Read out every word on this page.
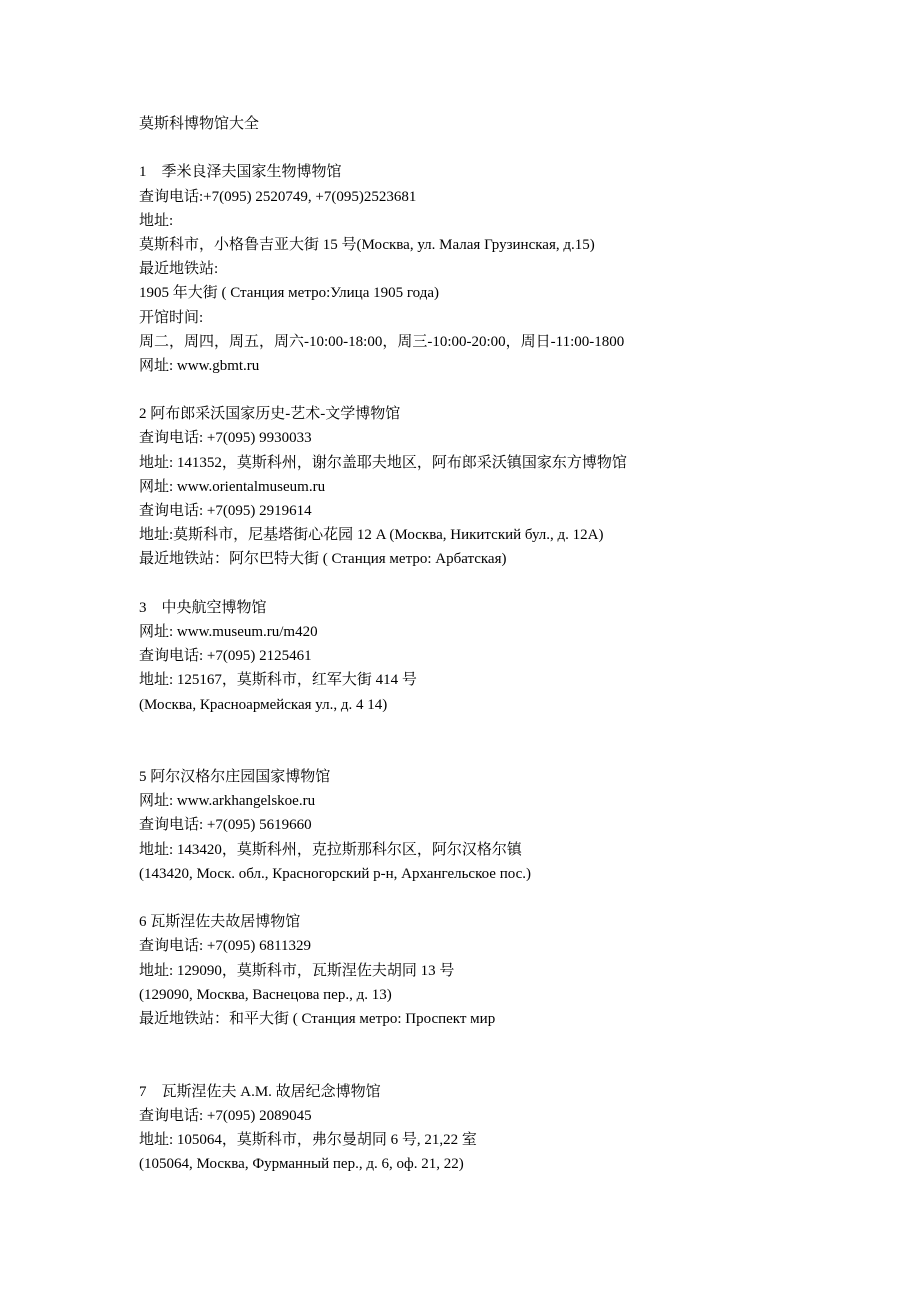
莫斯科博物馆大全
1　季米良泽夫国家生物博物馆
查询电话:+7(095) 2520749, +7(095)2523681
地址:
莫斯科市，小格鲁吉亚大街 15 号(Москва, ул. Малая Грузинская, д.15)
最近地铁站:
1905 年大街 ( Станция метро:Улица 1905 года)
开馆时间:
周二，周四，周五，周六-10:00-18:00，周三-10:00-20:00，周日-11:00-1800
网址: www.gbmt.ru
2 阿布郎采沃国家历史-艺术-文学博物馆
查询电话: +7(095) 9930033
地址: 141352，莫斯科州，谢尔盖耶夫地区，阿布郎采沃镇国家东方博物馆
网址: www.orientalmuseum.ru
查询电话: +7(095) 2919614
地址:莫斯科市，尼基塔街心花园 12 A (Москва, Никитский бул., д. 12А)
最近地铁站：阿尔巴特大街 ( Станция метро: Арбатская)
3　中央航空博物馆
网址: www.museum.ru/m420
查询电话: +7(095) 2125461
地址: 125167，莫斯科市，红军大街 414 号
(Москва, Красноармейская ул., д. 4 14)
5 阿尔汉格尔庄园国家博物馆
网址: www.arkhangelskoe.ru
查询电话: +7(095) 5619660
地址: 143420，莫斯科州，克拉斯那科尔区，阿尔汉格尔镇
(143420, Моск. обл., Красногорский р-н, Архангельское пос.)
6 瓦斯涅佐夫故居博物馆
查询电话: +7(095) 6811329
地址: 129090，莫斯科市，瓦斯涅佐夫胡同 13 号
(129090, Москва, Васнецова пер., д. 13)
最近地铁站：和平大街 ( Станция метро: Проспект мир
7　瓦斯涅佐夫 A.M. 故居纪念博物馆
查询电话: +7(095) 2089045
地址: 105064，莫斯科市，弗尔曼胡同 6 号, 21,22 室
(105064, Москва, Фурманный пер., д. 6, оф. 21, 22)
